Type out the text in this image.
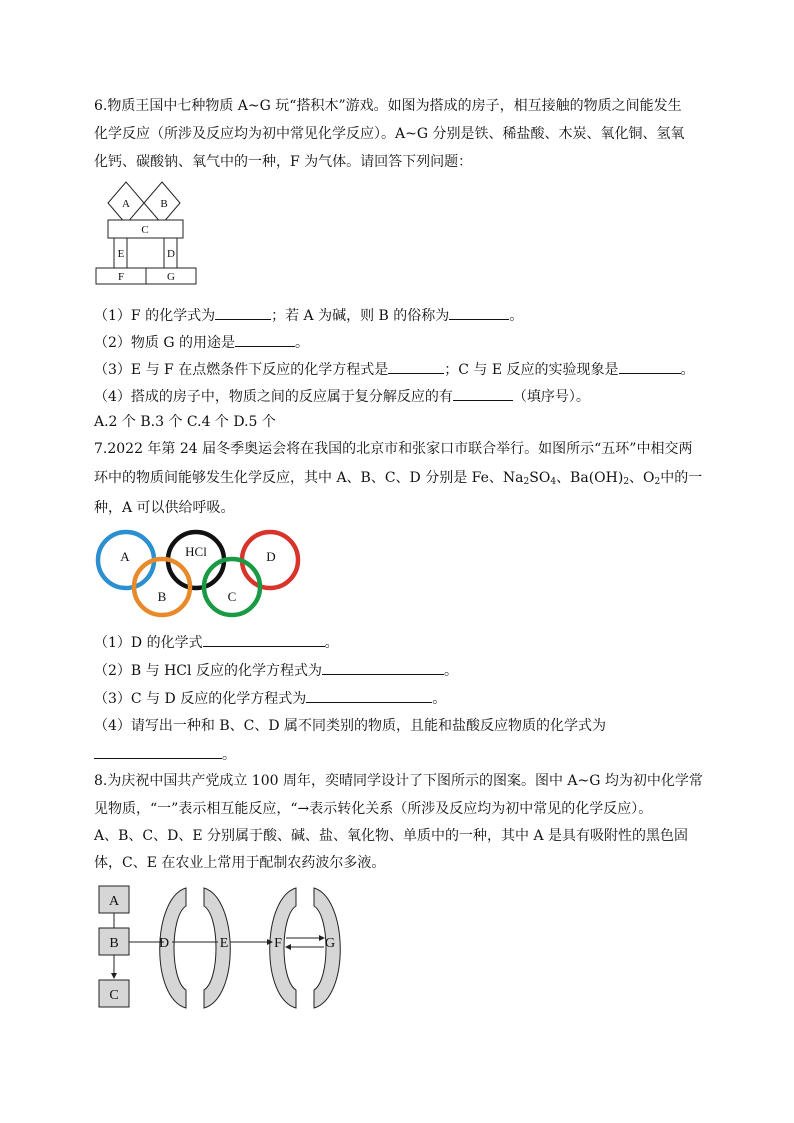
6.物质王国中七种物质 A~G 玩“搭积木”游戏。如图为搭成的房子，相互接触的物质之间能发生
化学反应（所涉及反应均为初中常见化学反应）。A~G 分别是铁、稀盐酸、木炭、氧化铜、氢氧
化钙、碳酸钠、氧气中的一种，F 为气体。请回答下列问题：
A	B
C
E	D
F	G
（1）F 的化学式为	；若 A 为碱，则 B 的俗称为	。
（2）物质 G 的用途是	。
（3）E 与 F 在点燃条件下反应的化学方程式是	；C 与 E 反应的实验现象是	。
（4）搭成的房子中，物质之间的反应属于复分解反应的有	（填序号）。
A.2 个 B.3 个 C.4 个 D.5 个
7.2022 年第 24 届冬季奥运会将在我国的北京市和张家口市联合举行。如图所示“五环”中相交两
环中的物质间能够发生化学反应，其中 A、B、C、D 分别是 Fe、$Na_2SO_4$、$Ba(OH)_2$、$O_2$中的一
种，A 可以供给呼吸。
A	HCl	D
B	C
（1）D 的化学式	。
（2）B 与 HCl 反应的化学方程式为	。
（3）C 与 D 反应的化学方程式为	。
（4）请写出一种和 B、C、D 属不同类别的物质，且能和盐酸反应物质的化学式为
。
8.为庆祝中国共产党成立 100 周年，奕晴同学设计了下图所示的图案。图中 A~G 均为初中化学常
见物质，“一”表示相互能反应，“→表示转化关系（所涉及反应均为初中常见的化学反应）。
A、B、C、D、E 分别属于酸、碱、盐、氧化物、单质中的一种，其中 A 是具有吸附性的黑色固
体，C、E 在农业上常用于配制农药波尔多液。
A
B
C
D	E	F	G
